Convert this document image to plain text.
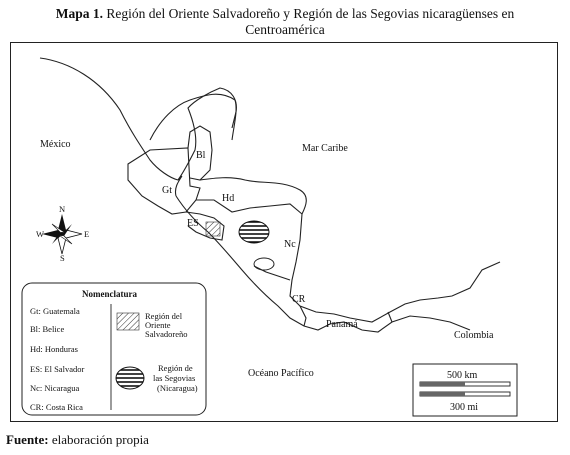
Mapa 1. Región del Oriente Salvadoreño y Región de las Segovias nicaragüenses en
Centroamérica
México	Mar Caribe
Gt
Bl
Hd
ES
Nc
CR
Panamá
Colombia
Océano Pacífico
N
S
E
W
Nomenclatura
Gt: Guatemala
Bl: Belice
Hd: Honduras
ES: El Salvador
Nc: Nicaragua
CR: Costa Rica
Región del
Oriente
Salvadoreño
Región de
las Segovias
(Nicaragua)
500 km
300 mi
Fuente: elaboración propia
